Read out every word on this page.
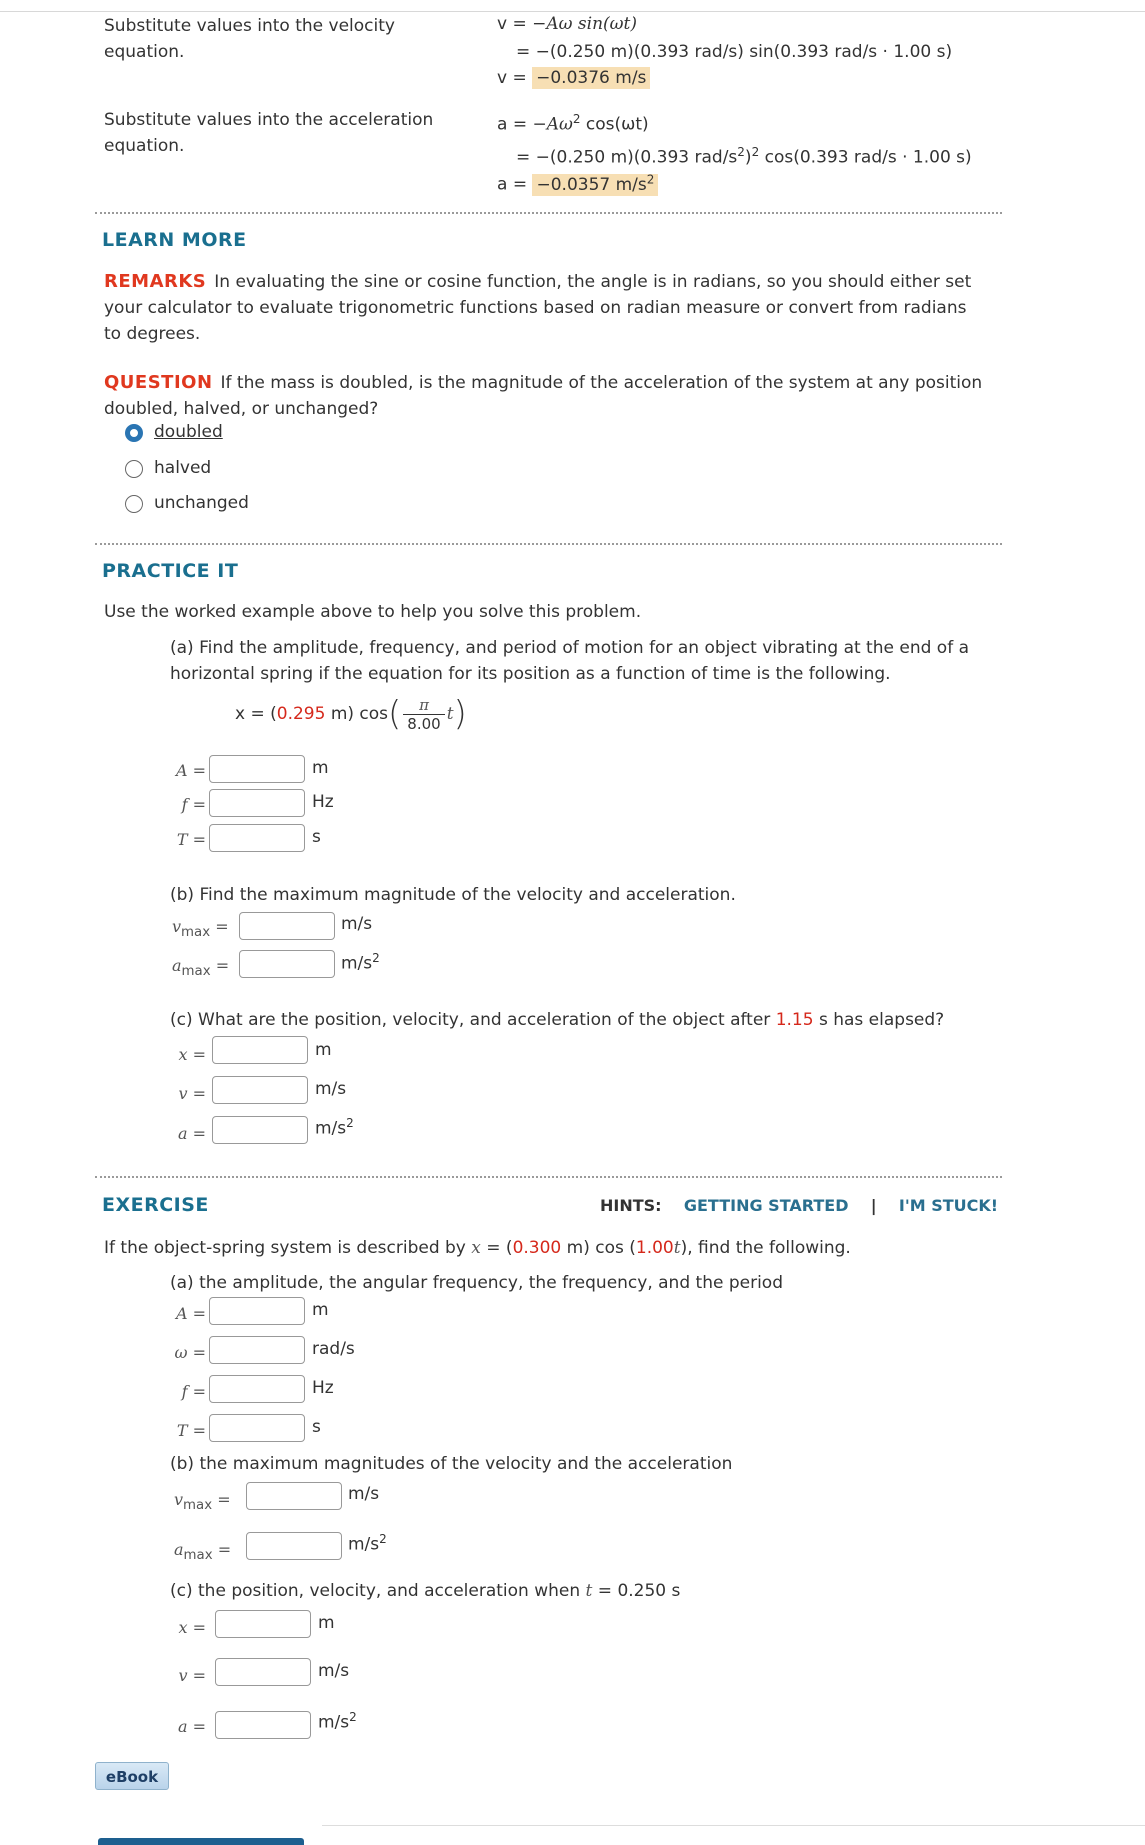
Substitute values into the velocity equation.
v = −Aω sin(ωt)
= −(0.250 m)(0.393 rad/s) sin(0.393 rad/s · 1.00 s)
v = −0.0376 m/s
Substitute values into the acceleration equation.
$a = -A\omega^2$ cos(ωt)
= −(0.250 m)(0.393 rad/$s^2)^2$ cos(0.393 rad/s · 1.00 s)
a = −0.0357 $m/s^2$
LEARN MORE
REMARKS In evaluating the sine or cosine function, the angle is in radians, so you should either set your calculator to evaluate trigonometric functions based on radian measure or convert from radians to degrees.
QUESTION If the mass is doubled, is the magnitude of the acceleration of the system at any position doubled, halved, or unchanged?
doubled
halved
unchanged
PRACTICE IT
Use the worked example above to help you solve this problem.
(a) Find the amplitude, frequency, and period of motion for an object vibrating at the end of a horizontal spring if the equation for its position as a function of time is the following.
x = (0.295 m) $\cos( \frac{\pi}{8.00} t)$
A =	m
f =	Hz
T =	s
(b) Find the maximum magnitude of the velocity and acceleration.
$v_{max}$ =	m/s
$a_{max}$ =	$m/s^2$
(c) What are the position, velocity, and acceleration of the object after 1.15 s has elapsed?
x =	m
v =	m/s
a =	$m/s^2$
EXERCISE	HINTS: GETTING STARTED | I'M STUCK!
If the object-spring system is described by x = (0.300 m) cos (1.00t), find the following.
(a) the amplitude, the angular frequency, the frequency, and the period
A =	m
ω =	rad/s
f =	Hz
T =	s
(b) the maximum magnitudes of the velocity and the acceleration
$v_{max}$ =	m/s
$a_{max}$ =	$m/s^2$
(c) the position, velocity, and acceleration when t = 0.250 s
x =	m
v =	m/s
a =	$m/s^2$
eBook
